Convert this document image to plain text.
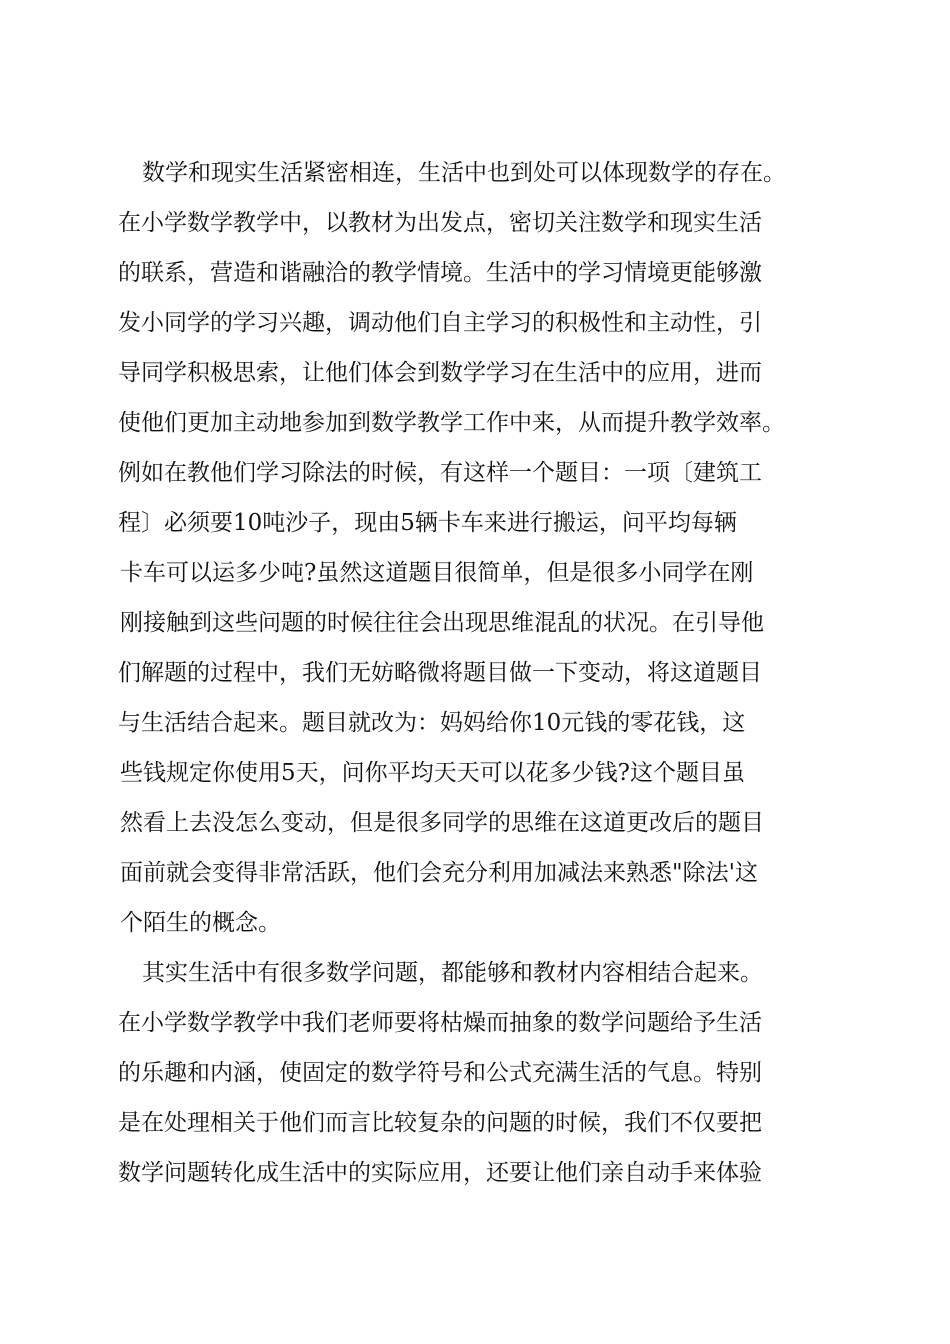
数学和现实生活紧密相连，生活中也到处可以体现数学的存在。
在小学数学教学中，以教材为出发点，密切关注数学和现实生活
的联系，营造和谐融洽的教学情境。生活中的学习情境更能够激
发小同学的学习兴趣，调动他们自主学习的积极性和主动性，引
导同学积极思索，让他们体会到数学学习在生活中的应用，进而
使他们更加主动地参加到数学教学工作中来，从而提升教学效率。
例如在教他们学习除法的时候，有这样一个题目：一项〔建筑工
程〕必须要10吨沙子，现由5辆卡车来进行搬运，问平均每辆
卡车可以运多少吨?虽然这道题目很简单，但是很多小同学在刚
刚接触到这些问题的时候往往会出现思维混乱的状况。在引导他
们解题的过程中，我们无妨略微将题目做一下变动，将这道题目
与生活结合起来。题目就改为：妈妈给你10元钱的零花钱，这
些钱规定你使用5天，问你平均天天可以花多少钱?这个题目虽
然看上去没怎么变动，但是很多同学的思维在这道更改后的题目
面前就会变得非常活跃，他们会充分利用加减法来熟悉"除法'这
个陌生的概念。
其实生活中有很多数学问题，都能够和教材内容相结合起来。
在小学数学教学中我们老师要将枯燥而抽象的数学问题给予生活
的乐趣和内涵，使固定的数学符号和公式充满生活的气息。特别
是在处理相关于他们而言比较复杂的问题的时候，我们不仅要把
数学问题转化成生活中的实际应用，还要让他们亲自动手来体验
